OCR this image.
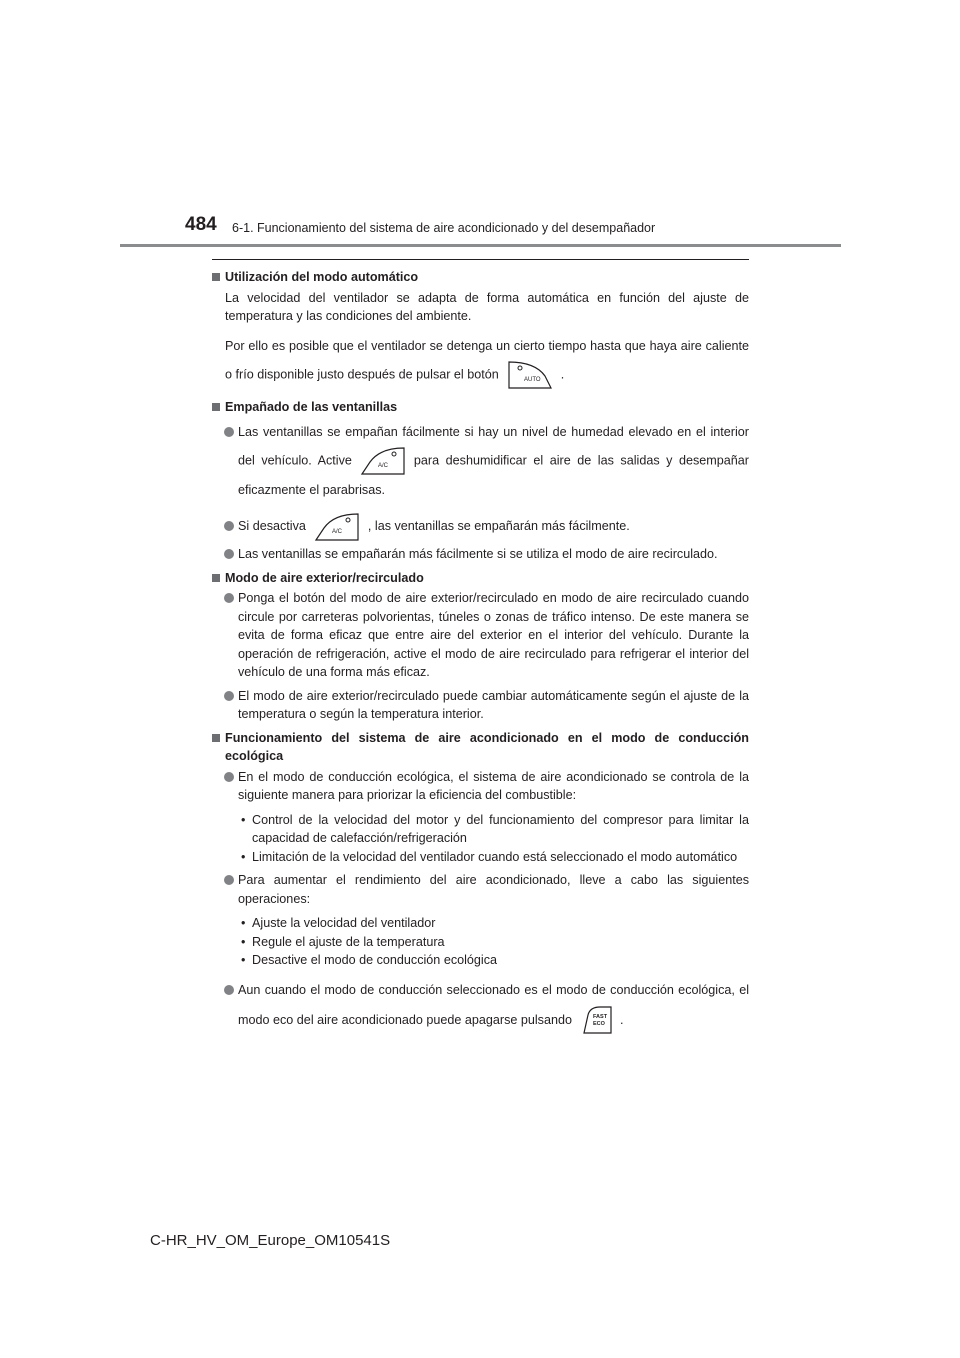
484 6-1. Funcionamiento del sistema de aire acondicionado y del desempañador
Utilización del modo automático
La velocidad del ventilador se adapta de forma automática en función del ajuste de temperatura y las condiciones del ambiente.
Por ello es posible que el ventilador se detenga un cierto tiempo hasta que haya aire caliente o frío disponible justo después de pulsar el botón	AUTO .
Empañado de las ventanillas
Las ventanillas se empañan fácilmente si hay un nivel de humedad elevado en el interior del vehículo. Active	A/C para deshumidificar el aire de las salidas y desempañar eficazmente el parabrisas.
Si desactiva	A/C , las ventanillas se empañarán más fácilmente.
Las ventanillas se empañarán más fácilmente si se utiliza el modo de aire recirculado.
Modo de aire exterior/recirculado
Ponga el botón del modo de aire exterior/recirculado en modo de aire recirculado cuando circule por carreteras polvorientas, túneles o zonas de tráfico intenso. De este manera se evita de forma eficaz que entre aire del exterior en el interior del vehículo. Durante la operación de refrigeración, active el modo de aire recirculado para refrigerar el interior del vehículo de una forma más eficaz.
El modo de aire exterior/recirculado puede cambiar automáticamente según el ajuste de la temperatura o según la temperatura interior.
Funcionamiento del sistema de aire acondicionado en el modo de conducción ecológica
En el modo de conducción ecológica, el sistema de aire acondicionado se controla de la siguiente manera para priorizar la eficiencia del combustible:
• Control de la velocidad del motor y del funcionamiento del compresor para limitar la capacidad de calefacción/refrigeración
• Limitación de la velocidad del ventilador cuando está seleccionado el modo automático
Para aumentar el rendimiento del aire acondicionado, lleve a cabo las siguientes operaciones:
• Ajuste la velocidad del ventilador
• Regule el ajuste de la temperatura
• Desactive el modo de conducción ecológica
Aun cuando el modo de conducción seleccionado es el modo de conducción ecológica, el modo eco del aire acondicionado puede apagarse pulsando	FAST
ECO .
C-HR_HV_OM_Europe_OM10541S
